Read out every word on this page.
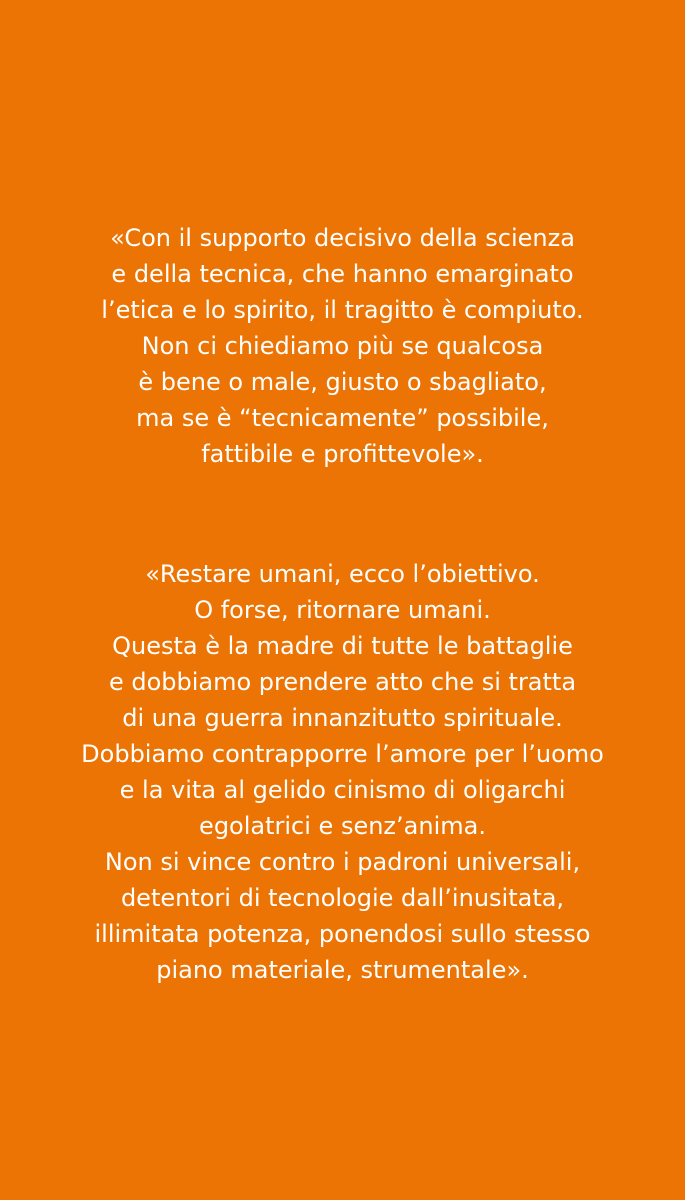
«Con il supporto decisivo della scienza
e della tecnica, che hanno emarginato
l’etica e lo spirito, il tragitto è compiuto.
Non ci chiediamo più se qualcosa
è bene o male, giusto o sbagliato,
ma se è “tecnicamente” possibile,
fattibile e profittevole».

«Restare umani, ecco l’obiettivo.
O forse, ritornare umani.
Questa è la madre di tutte le battaglie
e dobbiamo prendere atto che si tratta
di una guerra innanzitutto spirituale.
Dobbiamo contrapporre l’amore per l’uomo
e la vita al gelido cinismo di oligarchi
egolatrici e senz’anima.
Non si vince contro i padroni universali,
detentori di tecnologie dall’inusitata,
illimitata potenza, ponendosi sullo stesso
piano materiale, strumentale».
